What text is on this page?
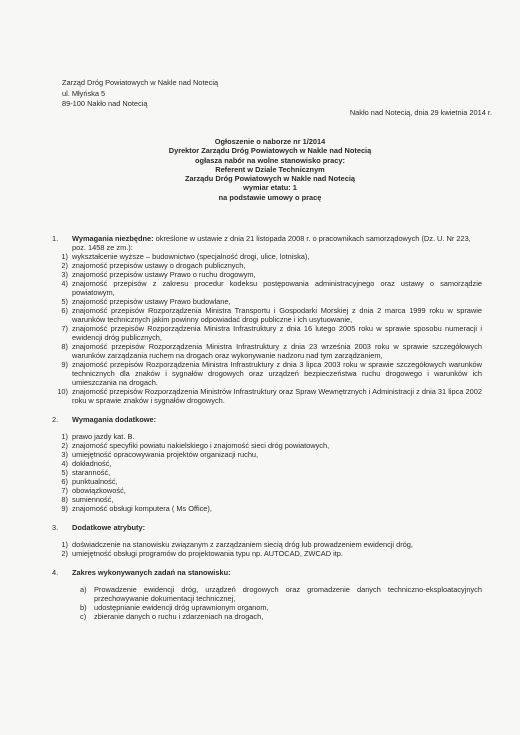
Zarząd Dróg Powiatowych w Nakle nad Notecią
ul. Młyńska 5
89-100 Nakło nad Notecią
Nakło nad Notecią, dnia 29 kwietnia 2014 r.
Ogłoszenie o naborze nr 1/2014
Dyrektor Zarządu Dróg Powiatowych w Nakle nad Notecią
ogłasza nabór na wolne stanowisko pracy:
Referent w Dziale Technicznym
Zarządu Dróg Powiatowych w Nakle nad Notecią
wymiar etatu: 1
na podstawie umowy o pracę
1.	Wymagania niezbędne: określone w ustawie z dnia 21 listopada 2008 r. o pracownikach samorządowych (Dz. U. Nr 223, poz. 1458 ze zm.):
1) wykształcenie wyższe – budownictwo (specjalność drogi, ulice, lotniska),
2) znajomość przepisów ustawy o drogach publicznych,
3) znajomość przepisów ustawy Prawo o ruchu drogowym,
4) znajomość przepisów z zakresu procedur kodeksu postępowania administracyjnego oraz ustawy o samorządzie powiatowym,
5) znajomość przepisów ustawy Prawo budowlane,
6) znajomość przepisów Rozporządzenia Ministra Transportu i Gospodarki Morskiej z dnia 2 marca 1999 roku w sprawie warunków technicznych jakim powinny odpowiadać drogi publiczne i ich usytuowanie,
7) znajomość przepisów Rozporządzenia Ministra Infrastruktury z dnia 16 lutego 2005 roku w sprawie sposobu numeracji i ewidencji dróg publicznych,
8) znajomość przepisów Rozporządzenia Ministra Infrastruktury z dnia 23 września 2003 roku w sprawie szczegółowych warunków zarządzania ruchem na drogach oraz wykonywanie nadzoru nad tym zarządzaniem,
9) znajomość przepisów Rozporządzenia Ministra Infrastruktury z dnia 3 lipca 2003 roku w sprawie szczegółowych warunków technicznych dla znaków i sygnałów drogowych oraz urządzeń bezpieczeństwa ruchu drogowego i warunków ich umieszczania na drogach.
10) znajomość przepisów Rozporządzenia Ministrów Infrastruktury oraz Spraw Wewnętrznych i Administracji z dnia 31 lipca 2002 roku w sprawie znaków i sygnałów drogowych.
2.	Wymagania dodatkowe:
1) prawo jazdy kat. B.
2) znajomość specyfiki powiatu nakielskiego i znajomość sieci dróg powiatowych,
3) umiejętność opracowywania projektów organizacji ruchu,
4) dokładność,
5) staranność,
6) punktualność,
7) obowiązkowość,
8) sumienność,
9) znajomość obsługi komputera ( Ms Office),
3.	Dodatkowe atrybuty:
1) doświadczenie na stanowisku związanym z zarządzaniem siecią dróg lub prowadzeniem ewidencji dróg,
2) umiejętność obsługi programów do projektowania typu np. AUTOCAD, ZWCAD itp.
4.	Zakres wykonywanych zadań na stanowisku:
a)	Prowadzenie ewidencji dróg, urządzeń drogowych oraz gromadzenie danych techniczno-eksploatacyjnych przechowywanie dokumentacji technicznej,
b)	udostępnianie ewidencji dróg uprawnionym organom,
c)	zbieranie danych o ruchu i zdarzeniach na drogach,
